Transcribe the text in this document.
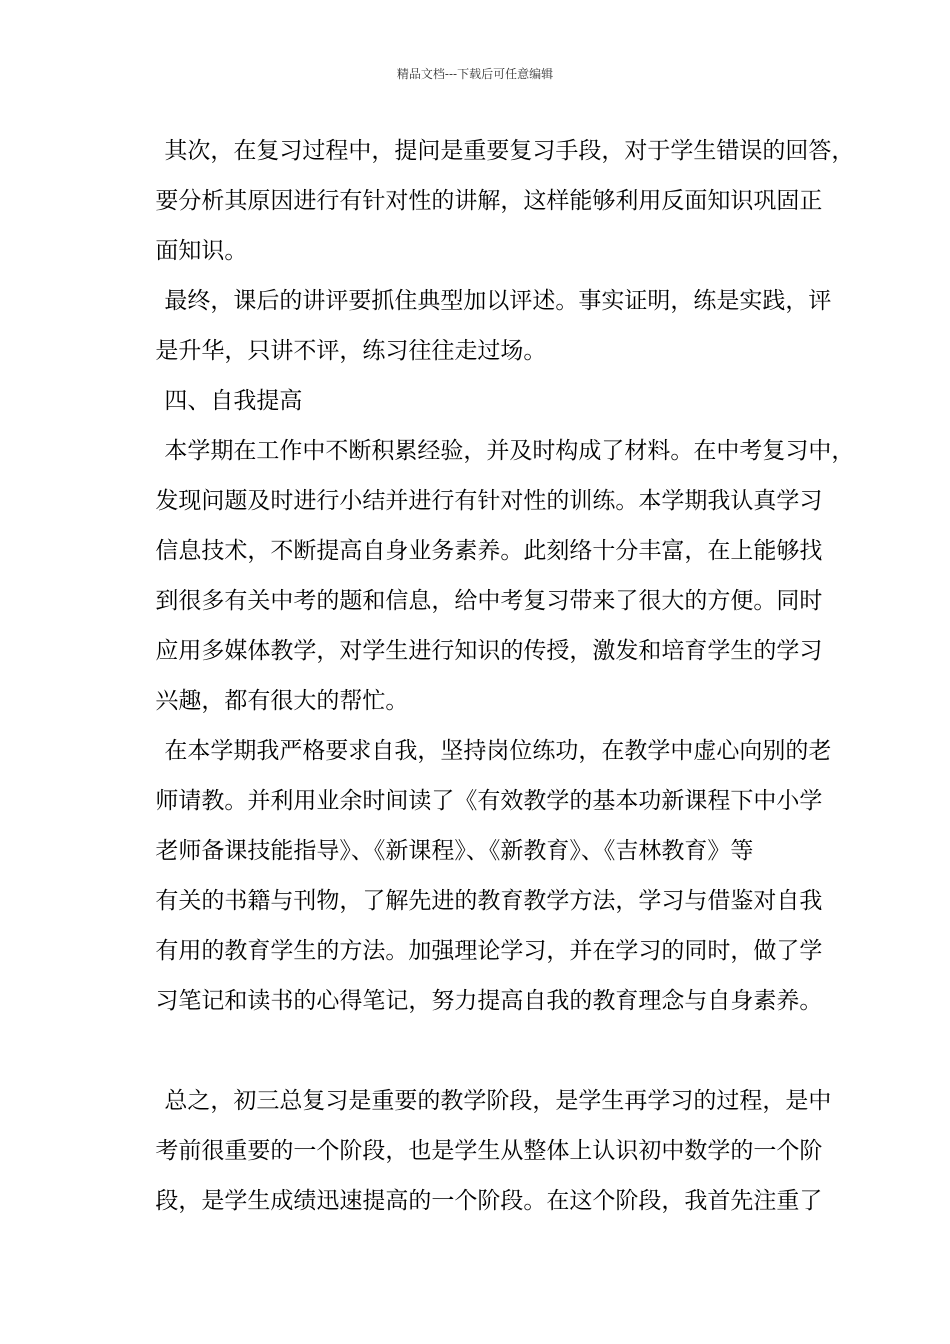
精品文档---下载后可任意编辑
其次，在复习过程中，提问是重要复习手段，对于学生错误的回答，
要分析其原因进行有针对性的讲解，这样能够利用反面知识巩固正
面知识。
最终，课后的讲评要抓住典型加以评述。事实证明，练是实践，评
是升华，只讲不评，练习往往走过场。
四、自我提高
本学期在工作中不断积累经验，并及时构成了材料。在中考复习中，
发现问题及时进行小结并进行有针对性的训练。本学期我认真学习
信息技术，不断提高自身业务素养。此刻络十分丰富，在上能够找
到很多有关中考的题和信息，给中考复习带来了很大的方便。同时
应用多媒体教学，对学生进行知识的传授，激发和培育学生的学习
兴趣，都有很大的帮忙。
在本学期我严格要求自我，坚持岗位练功，在教学中虚心向别的老
师请教。并利用业余时间读了《有效教学的基本功新课程下中小学
老师备课技能指导》、《新课程》、《新教育》、《吉林教育》等
有关的书籍与刊物，了解先进的教育教学方法，学习与借鉴对自我
有用的教育学生的方法。加强理论学习，并在学习的同时，做了学
习笔记和读书的心得笔记，努力提高自我的教育理念与自身素养。
总之，初三总复习是重要的教学阶段，是学生再学习的过程，是中
考前很重要的一个阶段，也是学生从整体上认识初中数学的一个阶
段，是学生成绩迅速提高的一个阶段。在这个阶段，我首先注重了
